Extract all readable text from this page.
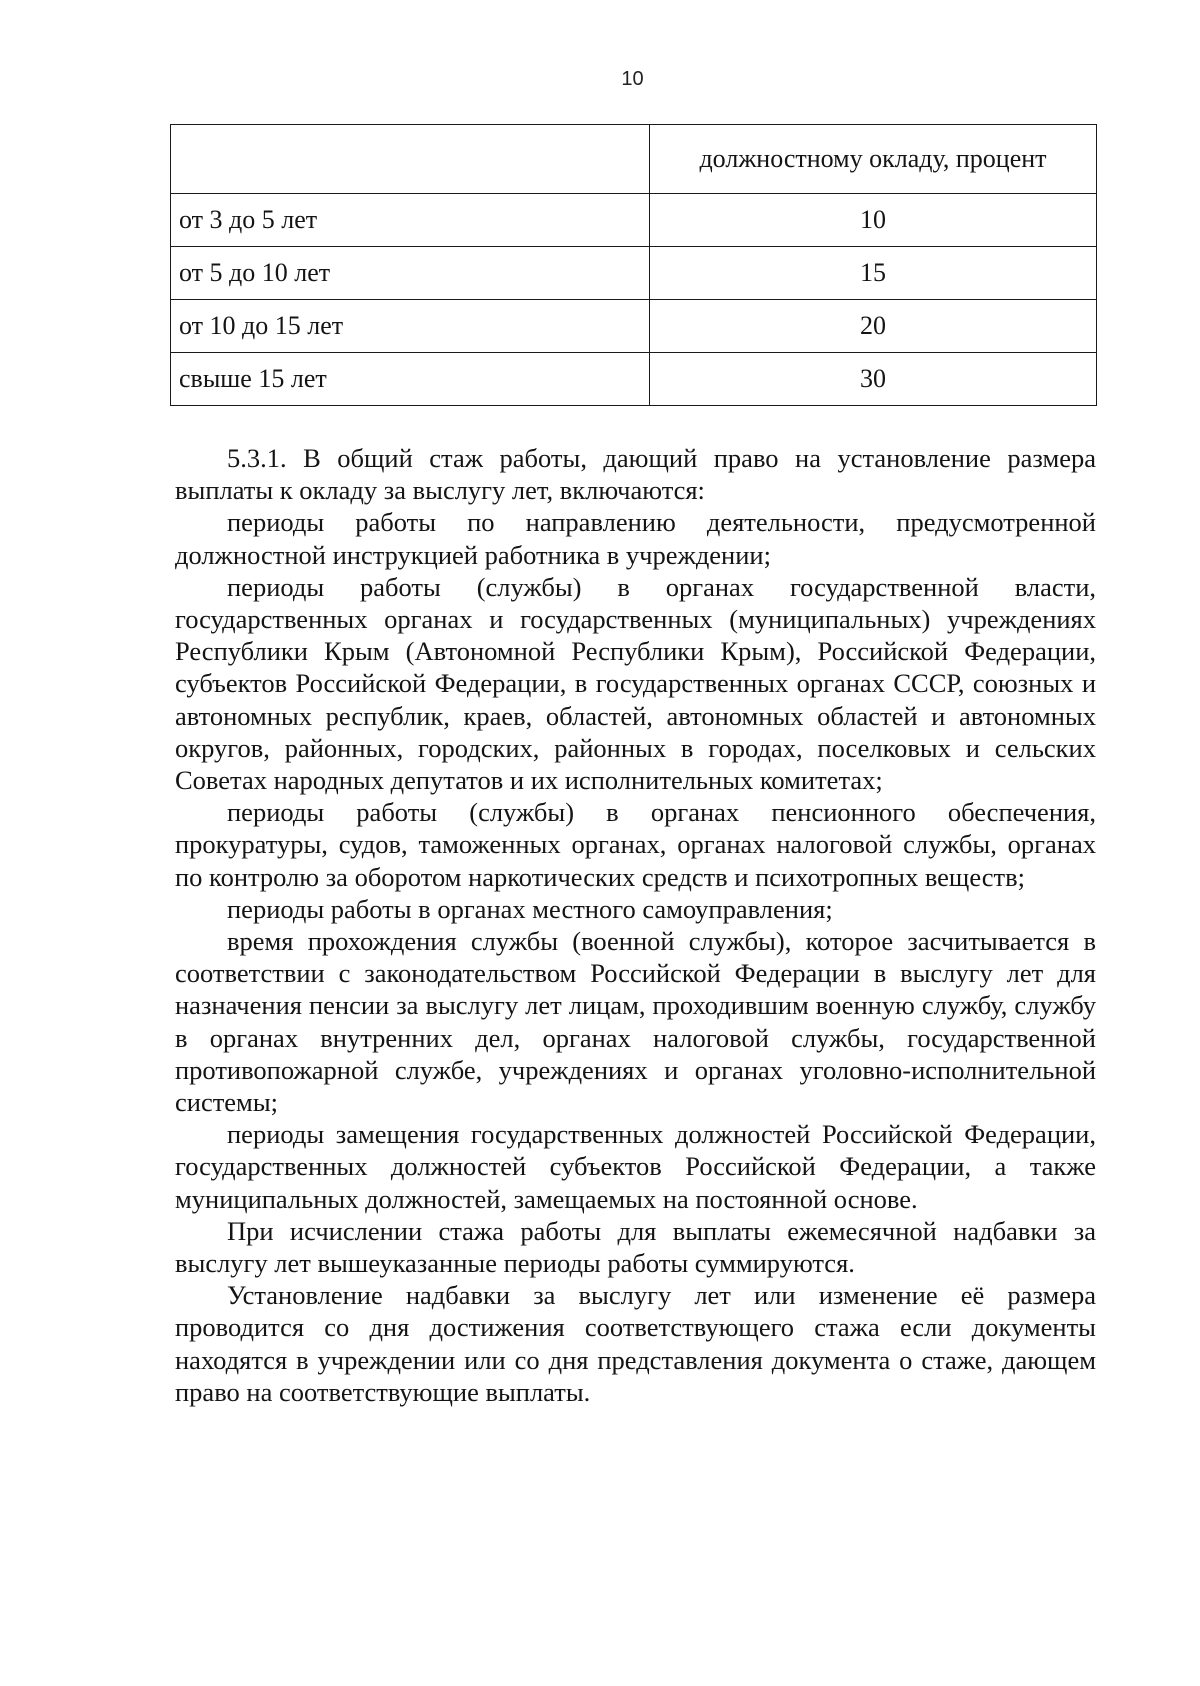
10
	должностному окладу, процент
от 3 до 5 лет	10
от 5 до 10 лет	15
от 10 до 15 лет	20
свыше 15 лет	30

5.3.1. В общий стаж работы, дающий право на установление размера выплаты к окладу за выслугу лет, включаются:

периоды работы по направлению деятельности, предусмотренной должностной инструкцией работника в учреждении;

периоды работы (службы) в органах государственной власти, государственных органах и государственных (муниципальных) учреждениях Республики Крым (Автономной Республики Крым), Российской Федерации, субъектов Российской Федерации, в государственных органах СССР, союзных и автономных республик, краев, областей, автономных областей и автономных округов, районных, городских, районных в городах, поселковых и сельских Советах народных депутатов и их исполнительных комитетах;

периоды работы (службы) в органах пенсионного обеспечения, прокуратуры, судов, таможенных органах, органах налоговой службы, органах по контролю за оборотом наркотических средств и психотропных веществ;

периоды работы в органах местного самоуправления;

время прохождения службы (военной службы), которое засчитывается в соответствии с законодательством Российской Федерации в выслугу лет для назначения пенсии за выслугу лет лицам, проходившим военную службу, службу в органах внутренних дел, органах налоговой службы, государственной противопожарной службе, учреждениях и органах уголовно-исполнительной системы;

периоды замещения государственных должностей Российской Федерации, государственных должностей субъектов Российской Федерации, а также муниципальных должностей, замещаемых на постоянной основе.

При исчислении стажа работы для выплаты ежемесячной надбавки за выслугу лет вышеуказанные периоды работы суммируются.

Установление надбавки за выслугу лет или изменение её размера проводится со дня достижения соответствующего стажа если документы находятся в учреждении или со дня представления документа о стаже, дающем право на соответствующие выплаты.
